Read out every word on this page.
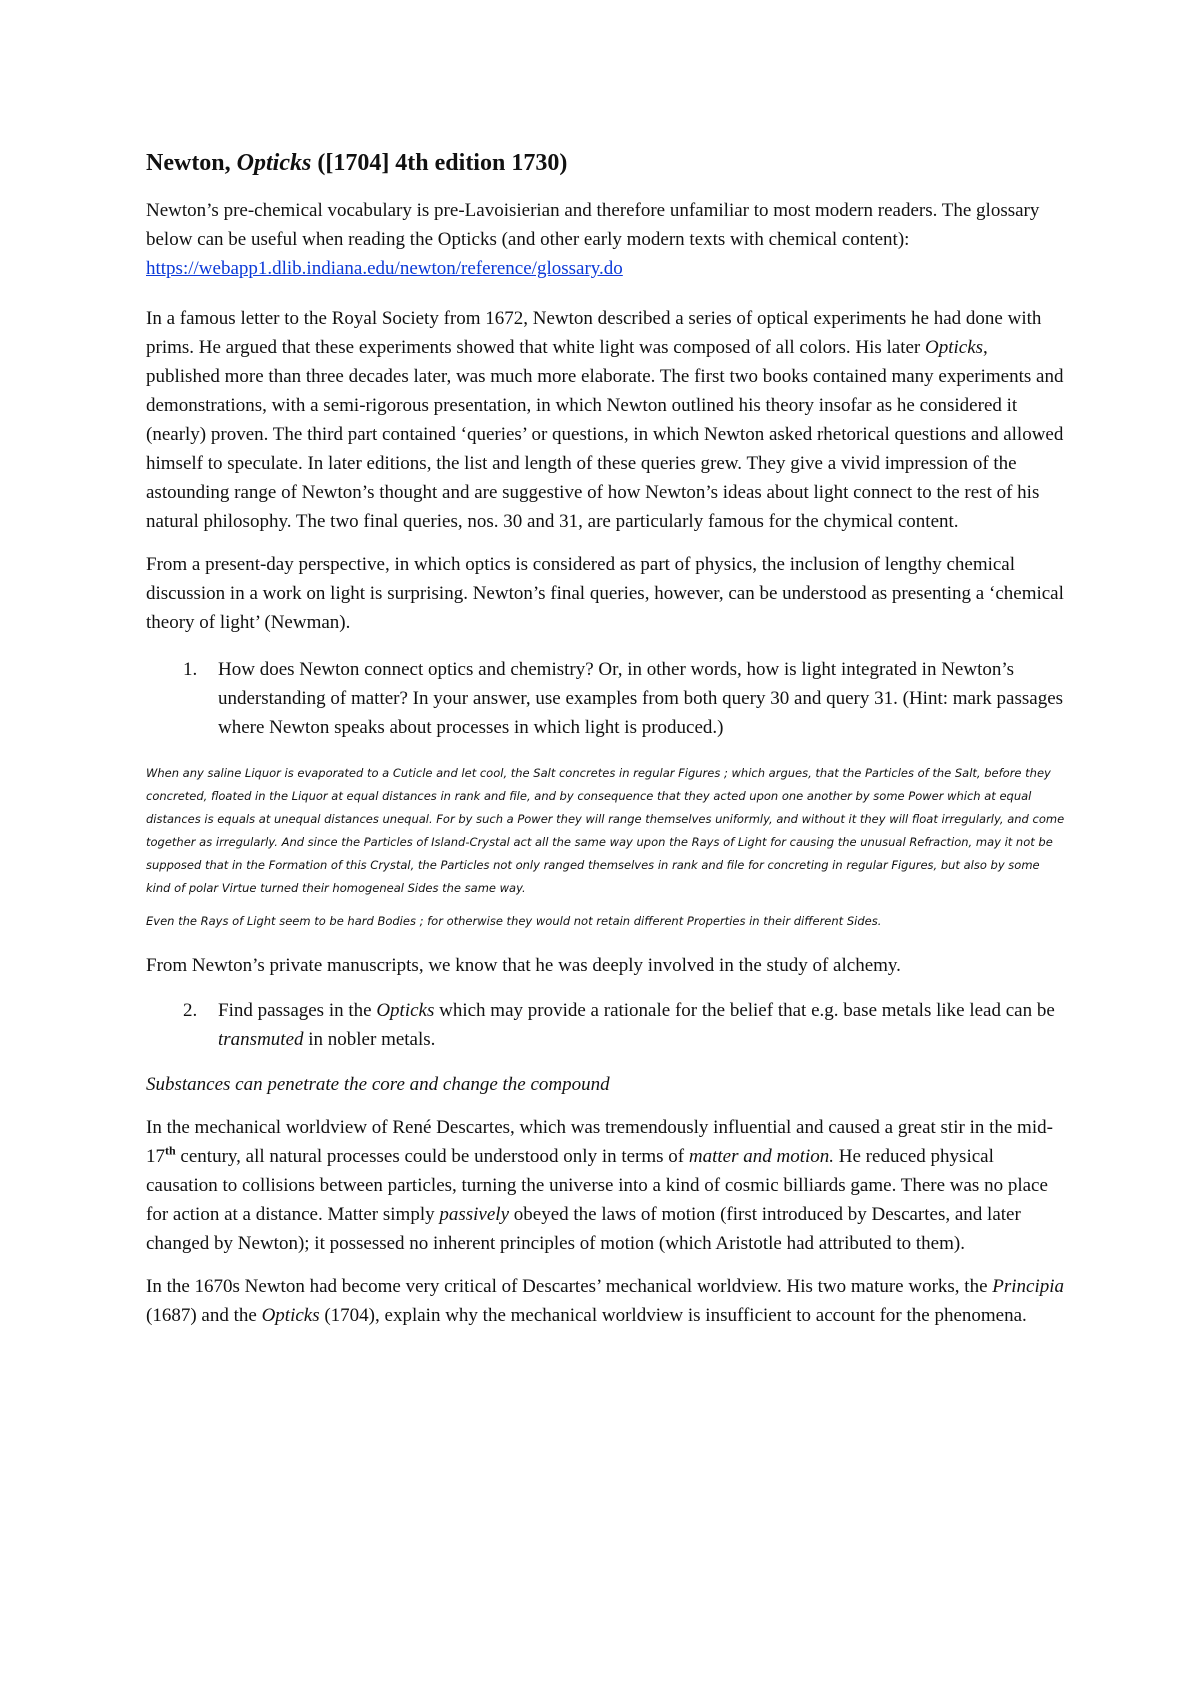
Newton, Opticks ([1704] 4th edition 1730)

Newton’s pre-chemical vocabulary is pre-Lavoisierian and therefore unfamiliar to most modern readers. The glossary below can be useful when reading the Opticks (and other early modern texts with chemical content):
https://webapp1.dlib.indiana.edu/newton/reference/glossary.do

In a famous letter to the Royal Society from 1672, Newton described a series of optical experiments he had done with prims. He argued that these experiments showed that white light was composed of all colors. His later Opticks, published more than three decades later, was much more elaborate. The first two books contained many experiments and demonstrations, with a semi-rigorous presentation, in which Newton outlined his theory insofar as he considered it (nearly) proven. The third part contained ‘queries’ or questions, in which Newton asked rhetorical questions and allowed himself to speculate. In later editions, the list and length of these queries grew. They give a vivid impression of the astounding range of Newton’s thought and are suggestive of how Newton’s ideas about light connect to the rest of his natural philosophy. The two final queries, nos. 30 and 31, are particularly famous for the chymical content.

From a present-day perspective, in which optics is considered as part of physics, the inclusion of lengthy chemical discussion in a work on light is surprising. Newton’s final queries, however, can be understood as presenting a ‘chemical theory of light’ (Newman).

1. How does Newton connect optics and chemistry? Or, in other words, how is light integrated in Newton’s understanding of matter? In your answer, use examples from both query 30 and query 31. (Hint: mark passages where Newton speaks about processes in which light is produced.)

When any saline Liquor is evaporated to a Cuticle and let cool, the Salt concretes in regular Figures ; which argues, that the Particles of the Salt, before they concreted, floated in the Liquor at equal distances in rank and file, and by consequence that they acted upon one another by some Power which at equal distances is equals at unequal distances unequal. For by such a Power they will range themselves uniformly, and without it they will float irregularly, and come together as irregularly. And since the Particles of Island-Crystal act all the same way upon the Rays of Light for causing the unusual Refraction, may it not be supposed that in the Formation of this Crystal, the Particles not only ranged themselves in rank and file for concreting in regular Figures, but also by some kind of polar Virtue turned their homogeneal Sides the same way.

Even the Rays of Light seem to be hard Bodies ; for otherwise they would not retain different Properties in their different Sides.

From Newton’s private manuscripts, we know that he was deeply involved in the study of alchemy.

2. Find passages in the Opticks which may provide a rationale for the belief that e.g. base metals like lead can be transmuted in nobler metals.

Substances can penetrate the core and change the compound

In the mechanical worldview of René Descartes, which was tremendously influential and caused a great stir in the mid-17th century, all natural processes could be understood only in terms of matter and motion. He reduced physical causation to collisions between particles, turning the universe into a kind of cosmic billiards game. There was no place for action at a distance. Matter simply passively obeyed the laws of motion (first introduced by Descartes, and later changed by Newton); it possessed no inherent principles of motion (which Aristotle had attributed to them).

In the 1670s Newton had become very critical of Descartes’ mechanical worldview. His two mature works, the Principia (1687) and the Opticks (1704), explain why the mechanical worldview is insufficient to account for the phenomena.
